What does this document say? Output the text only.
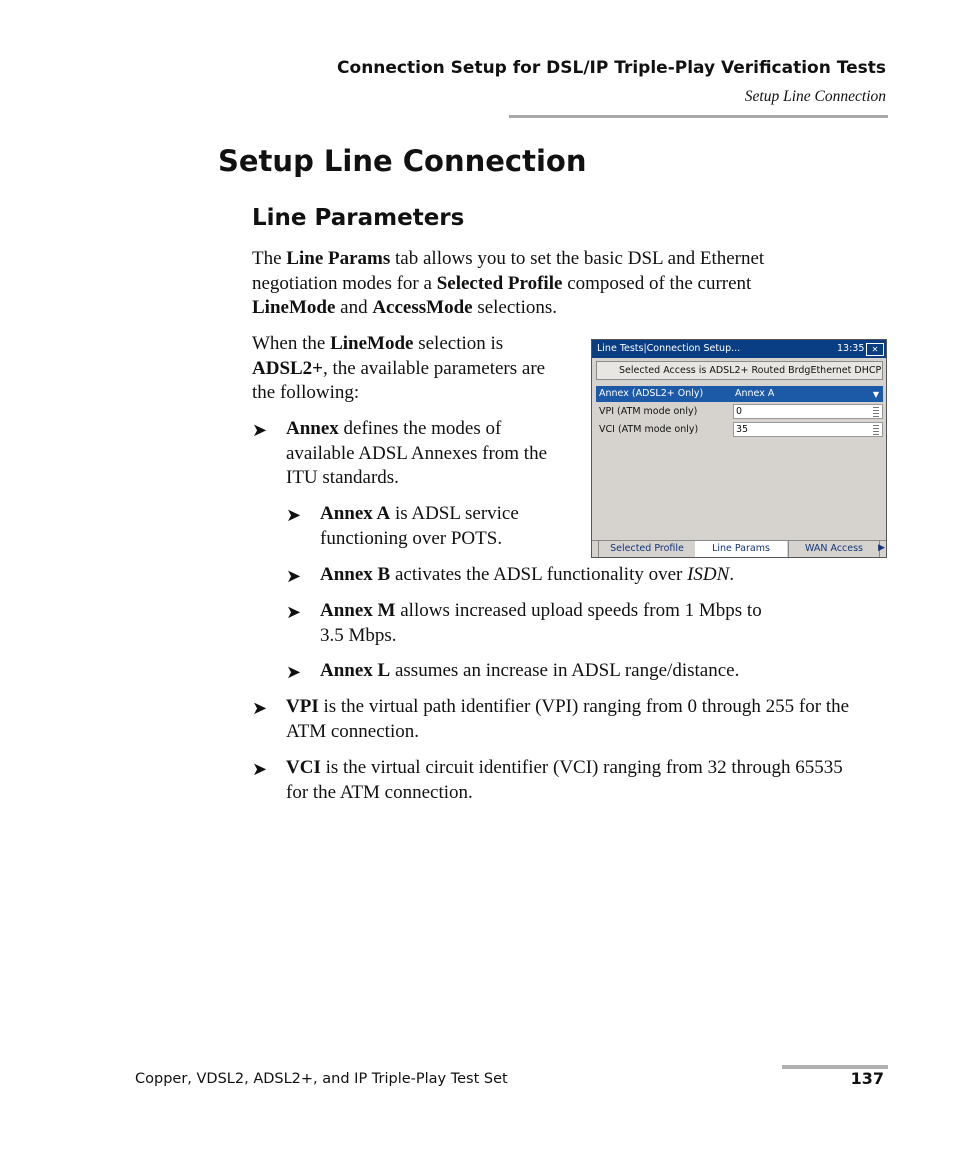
Connection Setup for DSL/IP Triple-Play Verification Tests
Setup Line Connection
Setup Line Connection
Line Parameters
The Line Params tab allows you to set the basic DSL and Ethernet negotiation modes for a Selected Profile composed of the current LineMode and AccessMode selections.
When the LineMode selection is
ADSL2+, the available parameters are
the following:
➤ Annex defines the modes of
available ADSL Annexes from the
ITU standards.
➤ Annex A is ADSL service
functioning over POTS.
➤ Annex B activates the ADSL functionality over ISDN.
➤ Annex M allows increased upload speeds from 1 Mbps to
3.5 Mbps.
➤ Annex L assumes an increase in ADSL range/distance.
➤ VPI is the virtual path identifier (VPI) ranging from 0 through 255 for the
ATM connection.
➤ VCI is the virtual circuit identifier (VCI) ranging from 32 through 65535
for the ATM connection.
Line Tests|Connection Setup...	13:35 ✕
Selected Access is ADSL2+ Routed BrdgEthernet DHCP
Annex (ADSL2+ Only)	Annex A	▼
VPI (ATM mode only)	0
VCI (ATM mode only)	35
Selected Profile	Line Params	WAN Access	▶
Copper, VDSL2, ADSL2+, and IP Triple-Play Test Set	137
